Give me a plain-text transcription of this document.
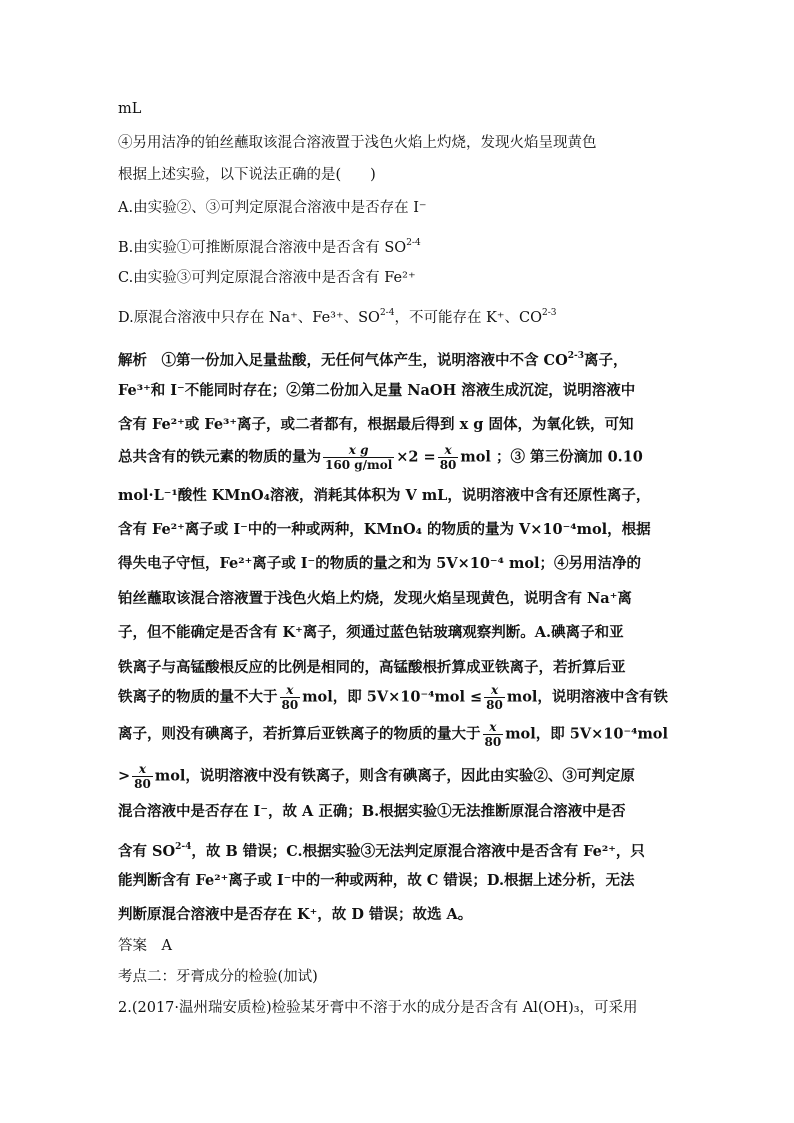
mL
④另用洁净的铂丝蘸取该混合溶液置于浅色火焰上灼烧，发现火焰呈现黄色
根据上述实验，以下说法正确的是(　　)
A.由实验②、③可判定原混合溶液中是否存在 I⁻
B.由实验①可推断原混合溶液中是否含有 SO$^{2-4}$
C.由实验③可判定原混合溶液中是否含有 Fe²⁺
D.原混合溶液中只存在 Na⁺、Fe³⁺、SO$^{2-4}$，不可能存在 K⁺、CO$^{2-3}$
解析　①第一份加入足量盐酸，无任何气体产生，说明溶液中不含 CO$^{2-3}$离子，
Fe³⁺和 I⁻不能同时存在；②第二份加入足量 NaOH 溶液生成沉淀，说明溶液中
含有 Fe²⁺或 Fe³⁺离子，或二者都有，根据最后得到 x g 固体，为氧化铁，可知
总共含有的铁元素的物质的量为 $\frac{\text{x g}}{\text{160 g/mol}} \times 2 = \frac{x}{80}$ mol ；③ 第三份滴加 0.10
mol·L⁻¹酸性 KMnO₄溶液，消耗其体积为 V mL，说明溶液中含有还原性离子，
含有 Fe²⁺离子或 I⁻中的一种或两种，KMnO₄ 的物质的量为 V×10⁻⁴mol，根据
得失电子守恒，Fe²⁺离子或 I⁻的物质的量之和为 5V×10⁻⁴ mol；④另用洁净的
铂丝蘸取该混合溶液置于浅色火焰上灼烧，发现火焰呈现黄色，说明含有 Na⁺离
子，但不能确定是否含有 K⁺离子，须通过蓝色钴玻璃观察判断。A.碘离子和亚
铁离子与高锰酸根反应的比例是相同的，高锰酸根折算成亚铁离子，若折算后亚
铁离子的物质的量不大于 $\frac{x}{80}$ mol，即 $5V\times 10^{-4}mol \le \frac{x}{80}$ mol，说明溶液中含有铁
离子，则没有碘离子，若折算后亚铁离子的物质的量大于 $\frac{x}{80}$ mol，即 5V×10⁻⁴mol
> $\frac{x}{80}$ mol，说明溶液中没有铁离子，则含有碘离子，因此由实验②、③可判定原
混合溶液中是否存在 I⁻，故 A 正确；B.根据实验①无法推断原混合溶液中是否
含有 SO$^{2-4}$，故 B 错误；C.根据实验③无法判定原混合溶液中是否含有 Fe²⁺，只
能判断含有 Fe²⁺离子或 I⁻中的一种或两种，故 C 错误；D.根据上述分析，无法
判断原混合溶液中是否存在 K⁺，故 D 错误；故选 A。
答案　A
考点二：牙膏成分的检验(加试)
2.(2017·温州瑞安质检)检验某牙膏中不溶于水的成分是否含有 Al(OH)₃，可采用
